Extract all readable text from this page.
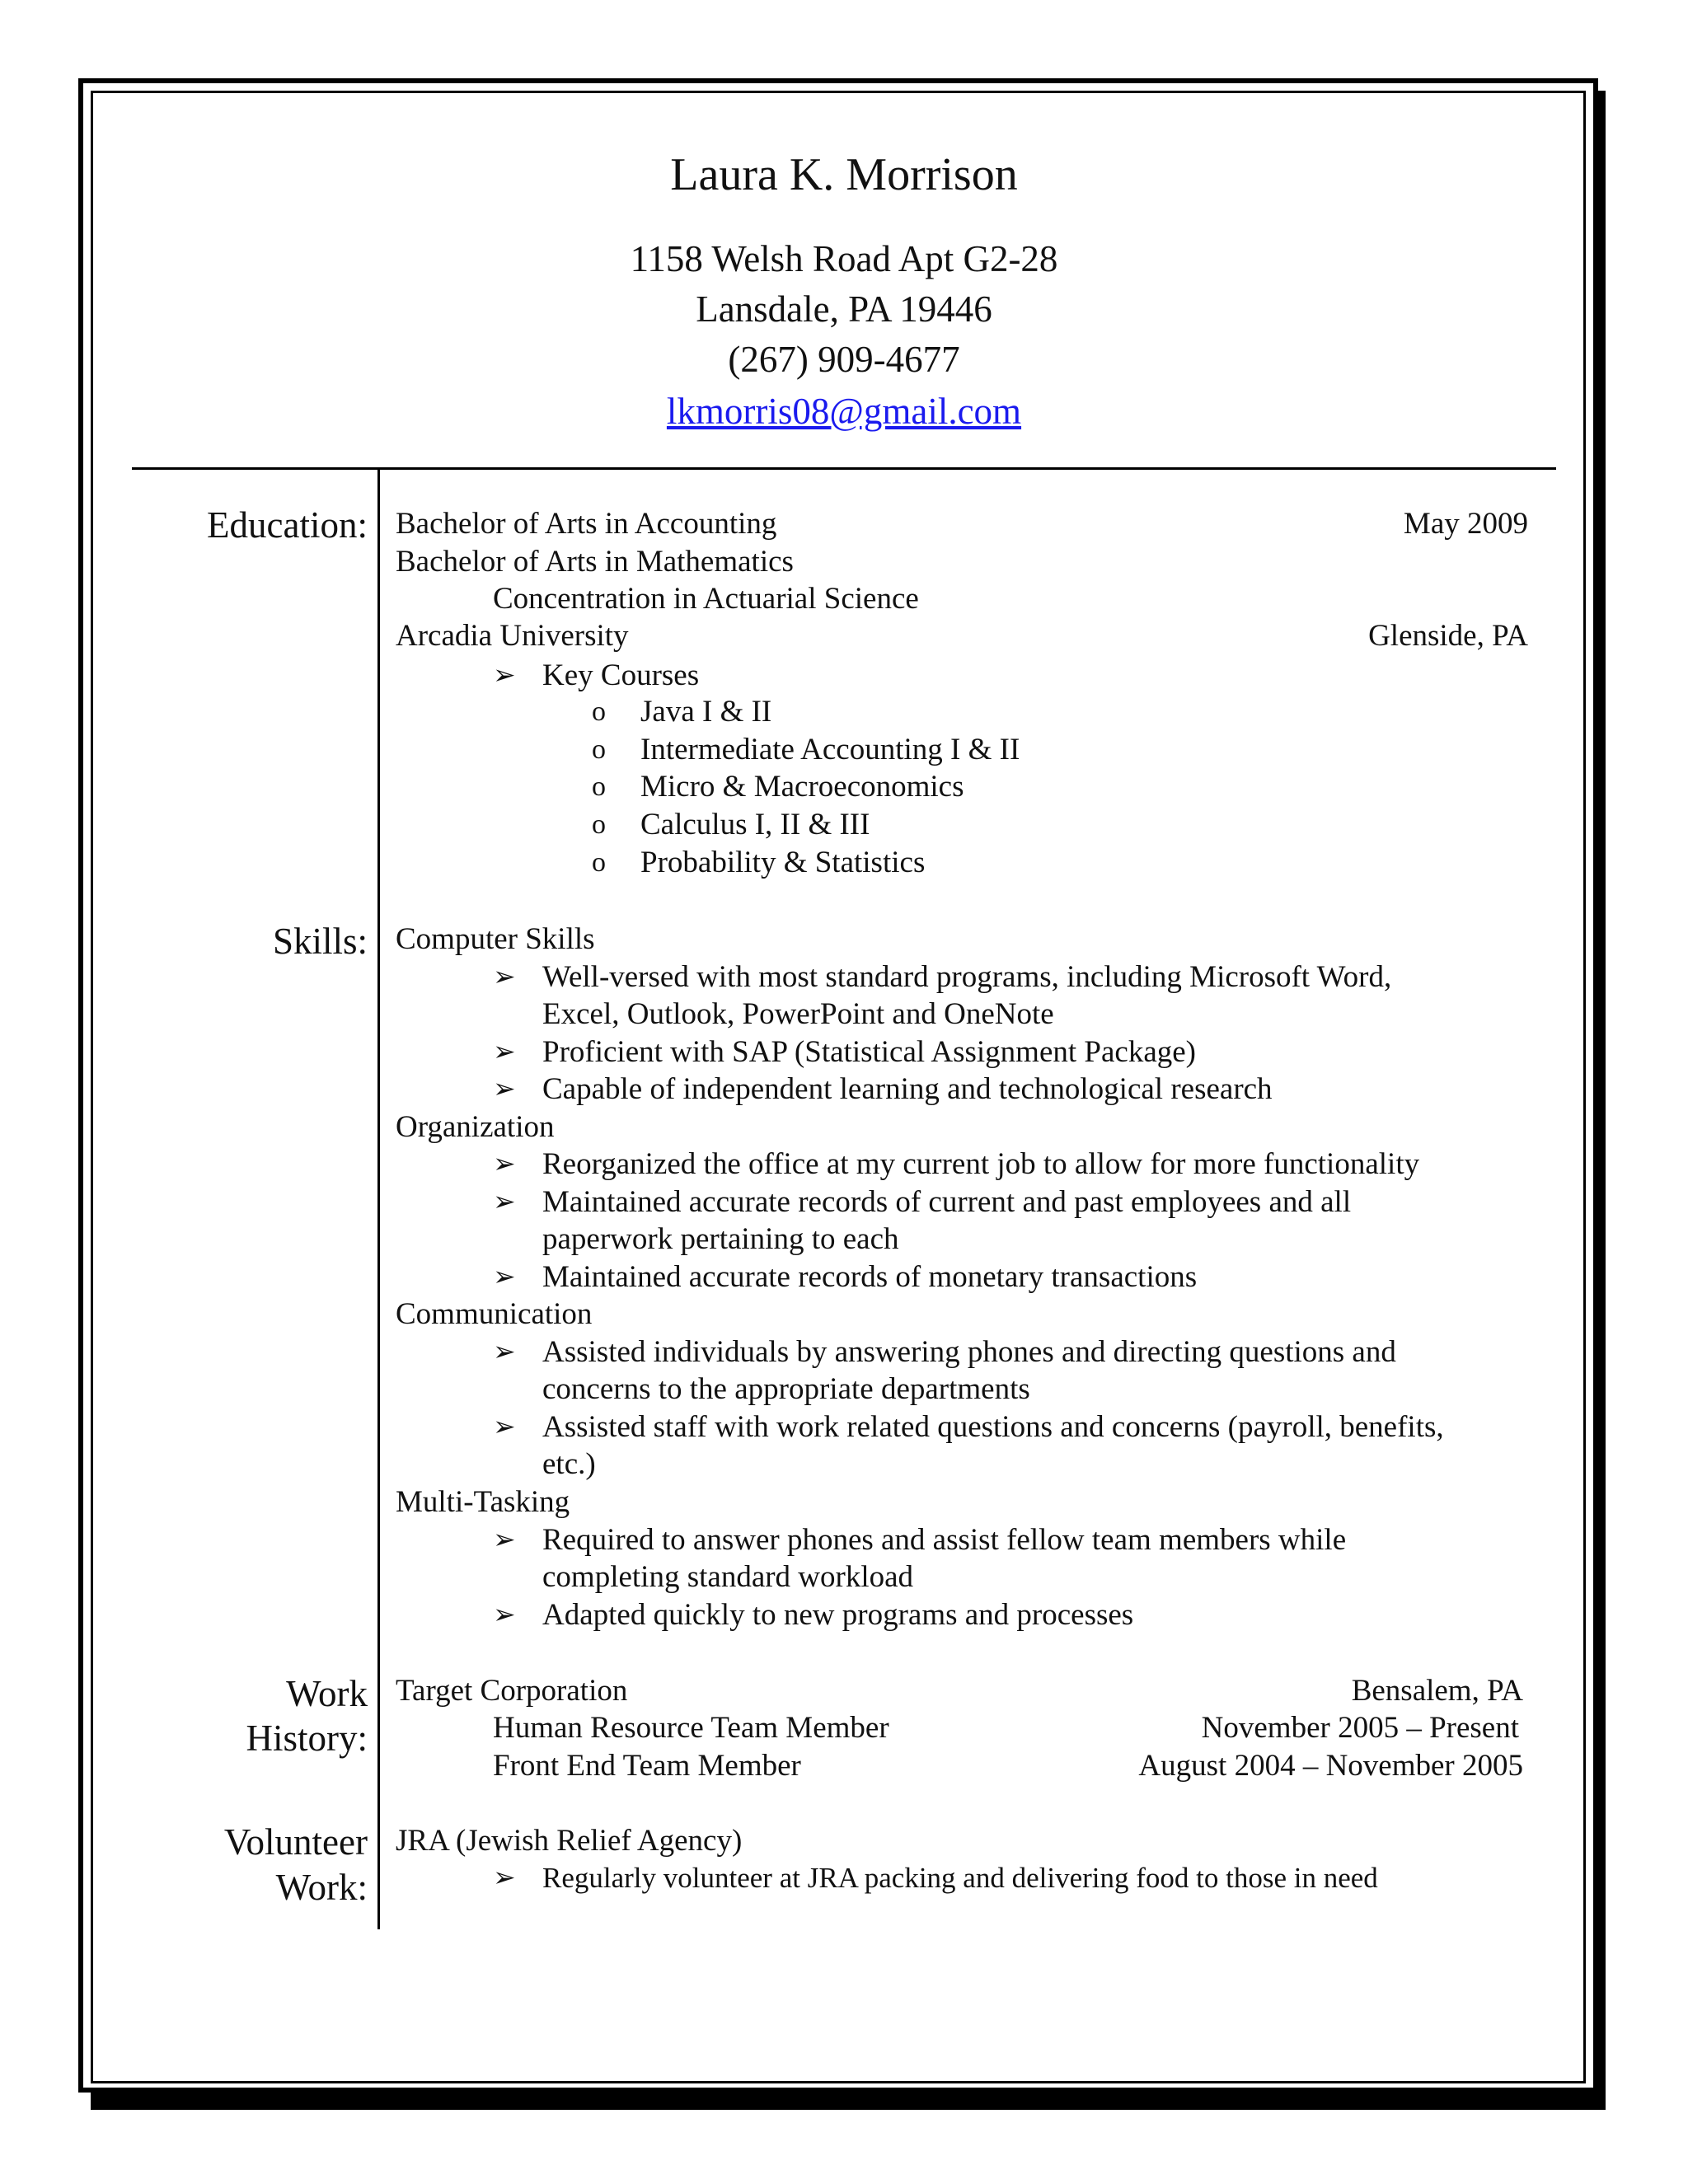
Laura K. Morrison
1158 Welsh Road Apt G2-28
Lansdale, PA 19446
(267) 909-4677
lkmorris08@gmail.com
Education: Bachelor of Arts in Accounting	May 2009
Bachelor of Arts in Mathematics
Concentration in Actuarial Science
Arcadia University	Glenside, PA
➢ Key Courses
o Java I & II
o Intermediate Accounting I & II
o Micro & Macroeconomics
o Calculus I, II & III
o Probability & Statistics
Skills: Computer Skills
➢ Well-versed with most standard programs, including Microsoft Word,
Excel, Outlook, PowerPoint and OneNote
➢ Proficient with SAP (Statistical Assignment Package)
➢ Capable of independent learning and technological research
Organization
➢ Reorganized the office at my current job to allow for more functionality
➢ Maintained accurate records of current and past employees and all
paperwork pertaining to each
➢ Maintained accurate records of monetary transactions
Communication
➢ Assisted individuals by answering phones and directing questions and
concerns to the appropriate departments
➢ Assisted staff with work related questions and concerns (payroll, benefits,
etc.)
Multi-Tasking
➢ Required to answer phones and assist fellow team members while
completing standard workload
➢ Adapted quickly to new programs and processes
Work
History:
Target Corporation	Bensalem, PA
Human Resource Team Member	November 2005 – Present
Front End Team Member	August 2004 – November 2005
Volunteer
Work:
JRA (Jewish Relief Agency)
➢ Regularly volunteer at JRA packing and delivering food to those in need
